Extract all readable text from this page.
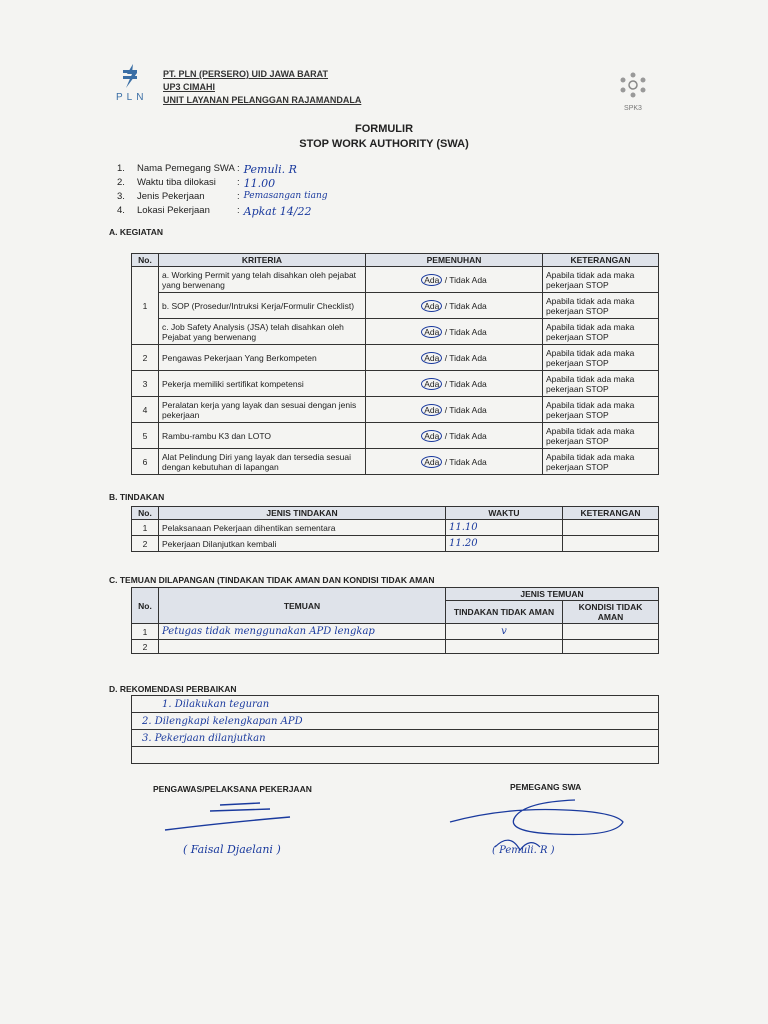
PLN
PT. PLN (PERSERO) UID JAWA BARAT
UP3 CIMAHI
UNIT LAYANAN PELANGGAN RAJAMANDALA
SPK3
FORMULIR
STOP WORK AUTHORITY (SWA)
1.	Nama Pemegang SWA : Pemuli. R
2.	Waktu tiba dilokasi	: 11.00
3.	Jenis Pekerjaan	: Pemasangan tiang
4.	Lokasi Pekerjaan	: Apkat 14/22
A. KEGIATAN
No.	KRITERIA	PEMENUHAN	KETERANGAN
1	a. Working Permit yang telah disahkan oleh pejabat yang berwenang	Ada / Tidak Ada	Apabila tidak ada maka pekerjaan STOP
	b. SOP (Prosedur/Intruksi Kerja/Formulir Checklist)	Ada / Tidak Ada	Apabila tidak ada maka pekerjaan STOP
	c. Job Safety Analysis (JSA) telah disahkan oleh Pejabat yang berwenang	Ada / Tidak Ada	Apabila tidak ada maka pekerjaan STOP
2	Pengawas Pekerjaan Yang Berkompeten	Ada / Tidak Ada	Apabila tidak ada maka pekerjaan STOP
3	Pekerja memiliki sertifikat kompetensi	Ada / Tidak Ada	Apabila tidak ada maka pekerjaan STOP
4	Peralatan kerja yang layak dan sesuai dengan jenis pekerjaan	Ada / Tidak Ada	Apabila tidak ada maka pekerjaan STOP
5	Rambu-rambu K3 dan LOTO	Ada / Tidak Ada	Apabila tidak ada maka pekerjaan STOP
6	Alat Pelindung Diri yang layak dan tersedia sesuai dengan kebutuhan di lapangan	Ada / Tidak Ada	Apabila tidak ada maka pekerjaan STOP
B. TINDAKAN
No.	JENIS TINDAKAN	WAKTU	KETERANGAN
1	Pelaksanaan Pekerjaan dihentikan sementara	11.10	
2	Pekerjaan Dilanjutkan kembali	11.20	
C. TEMUAN DILAPANGAN (TINDAKAN TIDAK AMAN DAN KONDISI TIDAK AMAN
No.	TEMUAN	JENIS TEMUAN	
		TINDAKAN TIDAK AMAN	KONDISI TIDAK AMAN
1	Petugas tidak menggunakan APD lengkap	v	
2			
D. REKOMENDASI PERBAIKAN
1. Dilakukan teguran
2. Dilengkapi kelengkapan APD
3. Pekerjaan dilanjutkan

PENGAWAS/PELAKSANA PEKERJAAN
( Faisal Djaelani )
PEMEGANG SWA
( Pemuli. R )
